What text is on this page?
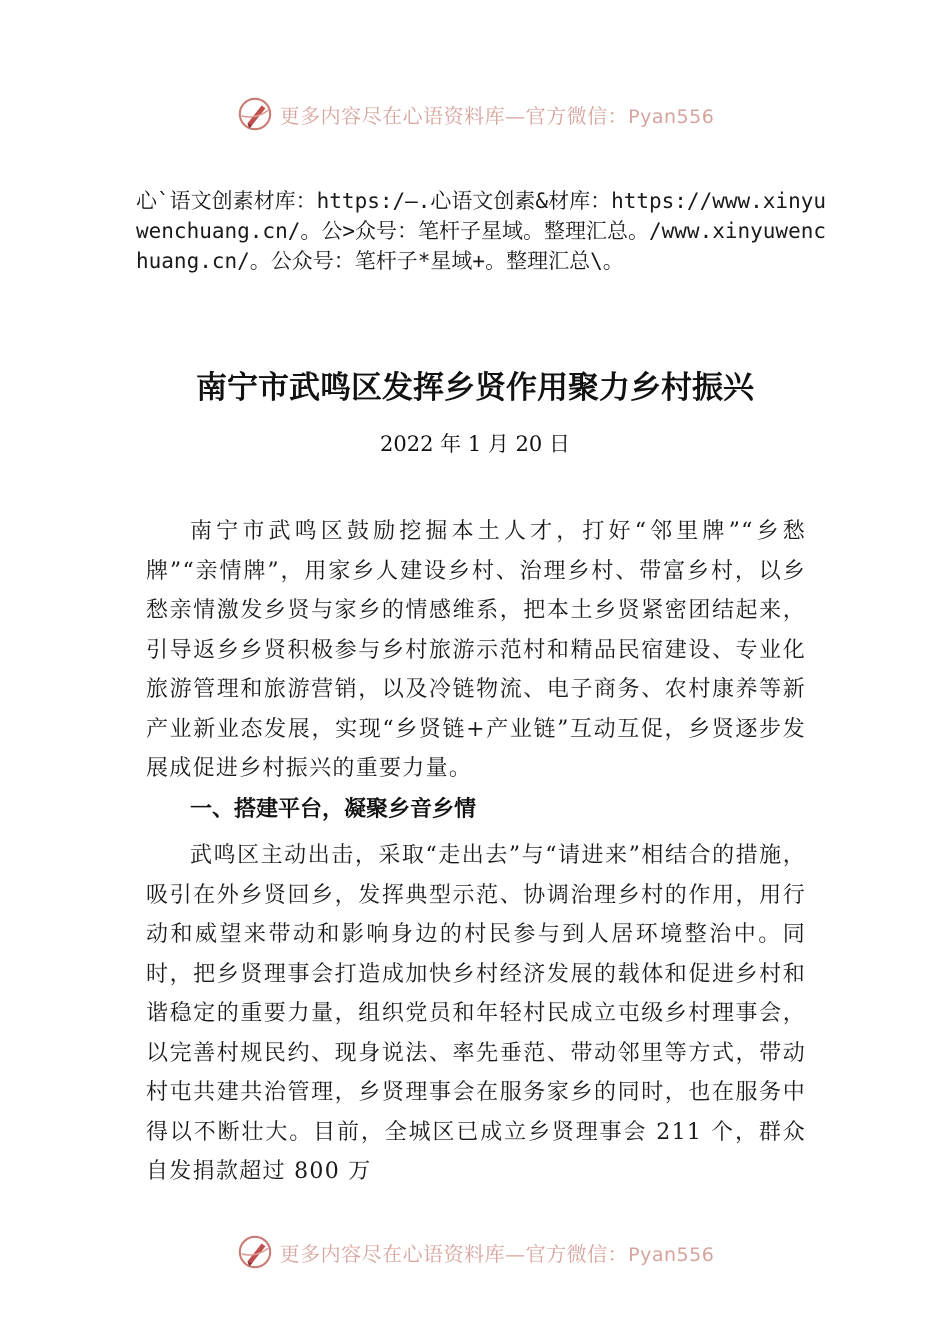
更多内容尽在心语资料库—官方微信：Pyan556
心`语文创素材库：https:/—.心语文创素&材库：https://www.xinyuwenchuang.cn/。公>众号：笔杆子星域。整理汇总。/www.xinyuwenchuang.cn/。公众号：笔杆子*星域+。整理汇总\。
南宁市武鸣区发挥乡贤作用聚力乡村振兴
2022 年 1 月 20 日

南宁市武鸣区鼓励挖掘本土人才，打好“邻里牌”“乡愁牌”“亲情牌”，用家乡人建设乡村、治理乡村、带富乡村，以乡愁亲情激发乡贤与家乡的情感维系，把本土乡贤紧密团结起来，引导返乡乡贤积极参与乡村旅游示范村和精品民宿建设、专业化旅游管理和旅游营销，以及冷链物流、电子商务、农村康养等新产业新业态发展，实现“乡贤链+产业链”互动互促，乡贤逐步发展成促进乡村振兴的重要力量。

一、搭建平台，凝聚乡音乡情

武鸣区主动出击，采取“走出去”与“请进来”相结合的措施，吸引在外乡贤回乡，发挥典型示范、协调治理乡村的作用，用行动和威望来带动和影响身边的村民参与到人居环境整治中。同时，把乡贤理事会打造成加快乡村经济发展的载体和促进乡村和谐稳定的重要力量，组织党员和年轻村民成立屯级乡村理事会，以完善村规民约、现身说法、率先垂范、带动邻里等方式，带动村屯共建共治管理，乡贤理事会在服务家乡的同时，也在服务中得以不断壮大。目前，全城区已成立乡贤理事会 211 个，群众自发捐款超过 800 万

更多内容尽在心语资料库—官方微信：Pyan556
